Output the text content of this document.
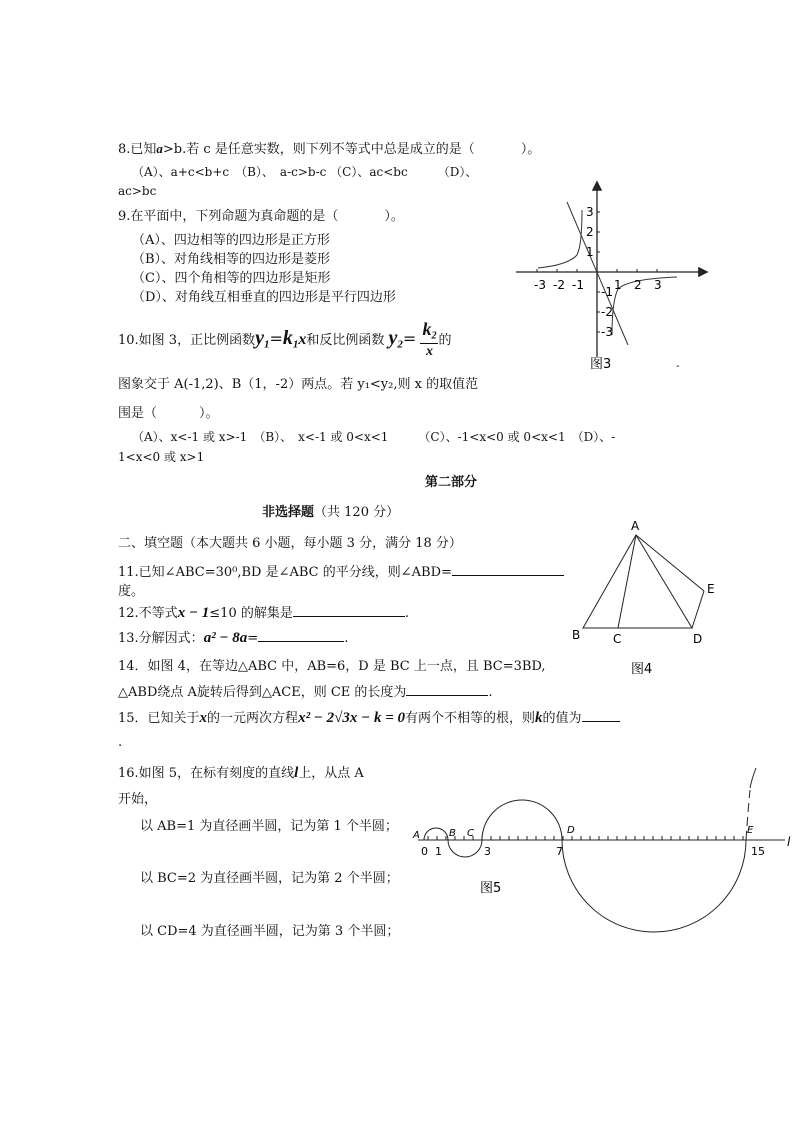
8.已知a>b.若 c 是任意实数，则下列不等式中总是成立的是（	）。
（A）、a+c<b+c　（B）、　a-c>b-c （C）、ac<bc　　　（D）、
ac>bc
9.在平面中，下列命题为真命题的是（	）。
（A）、四边相等的四边形是正方形
（B）、对角线相等的四边形是菱形
（C）、四个角相等的四边形是矩形
（D）、对角线互相垂直的四边形是平行四边形
10.如图 3，正比例函数$y_1=k_1x$和反比例函数 $y_2= \frac{k_2}{x}$ 的
图象交于 A(-1,2)、B（1，-2）两点。若 y₁<y₂,则 x 的取值范
围是（	）。
（A）、x<-1 或 x>-1　（B）、　x<-1 或 0<x<1　　　（C）、-1<x<0 或 0<x<1　（D）、-
1<x<0 或 x>1
-3 -2 -1	1 2 3
3
2
1
-1
-2
-3
图3	-
第二部分
非选择题（共 120 分）
二、填空题（本大题共 6 小题，每小题 3 分，满分 18 分）
11.已知∠ABC=30⁰,BD 是∠ABC 的平分线，则∠ABD=
度。
12.不等式x − 1≤10 的解集是	.
13.分解因式：a² − 8a=	.
14．如图 4，在等边△ABC 中，AB=6，D 是 BC 上一点，且 BC=3BD,
△ABD绕点 A旋转后得到△ACE，则 CE 的长度为	.
A
B	C	D
E
图4
15．已知关于x的一元两次方程x² − 2√3x − k = 0有两个不相等的根，则k的值为
.
16.如图 5，在标有刻度的直线l上，从点 A
开始，
以 AB=1 为直径画半圆，记为第 1 个半圆；
以 BC=2 为直径画半圆，记为第 2 个半圆；
以 CD=4 为直径画半圆，记为第 3 个半圆；
A	B C	D	E
0 1	3	7	15
l
图5
